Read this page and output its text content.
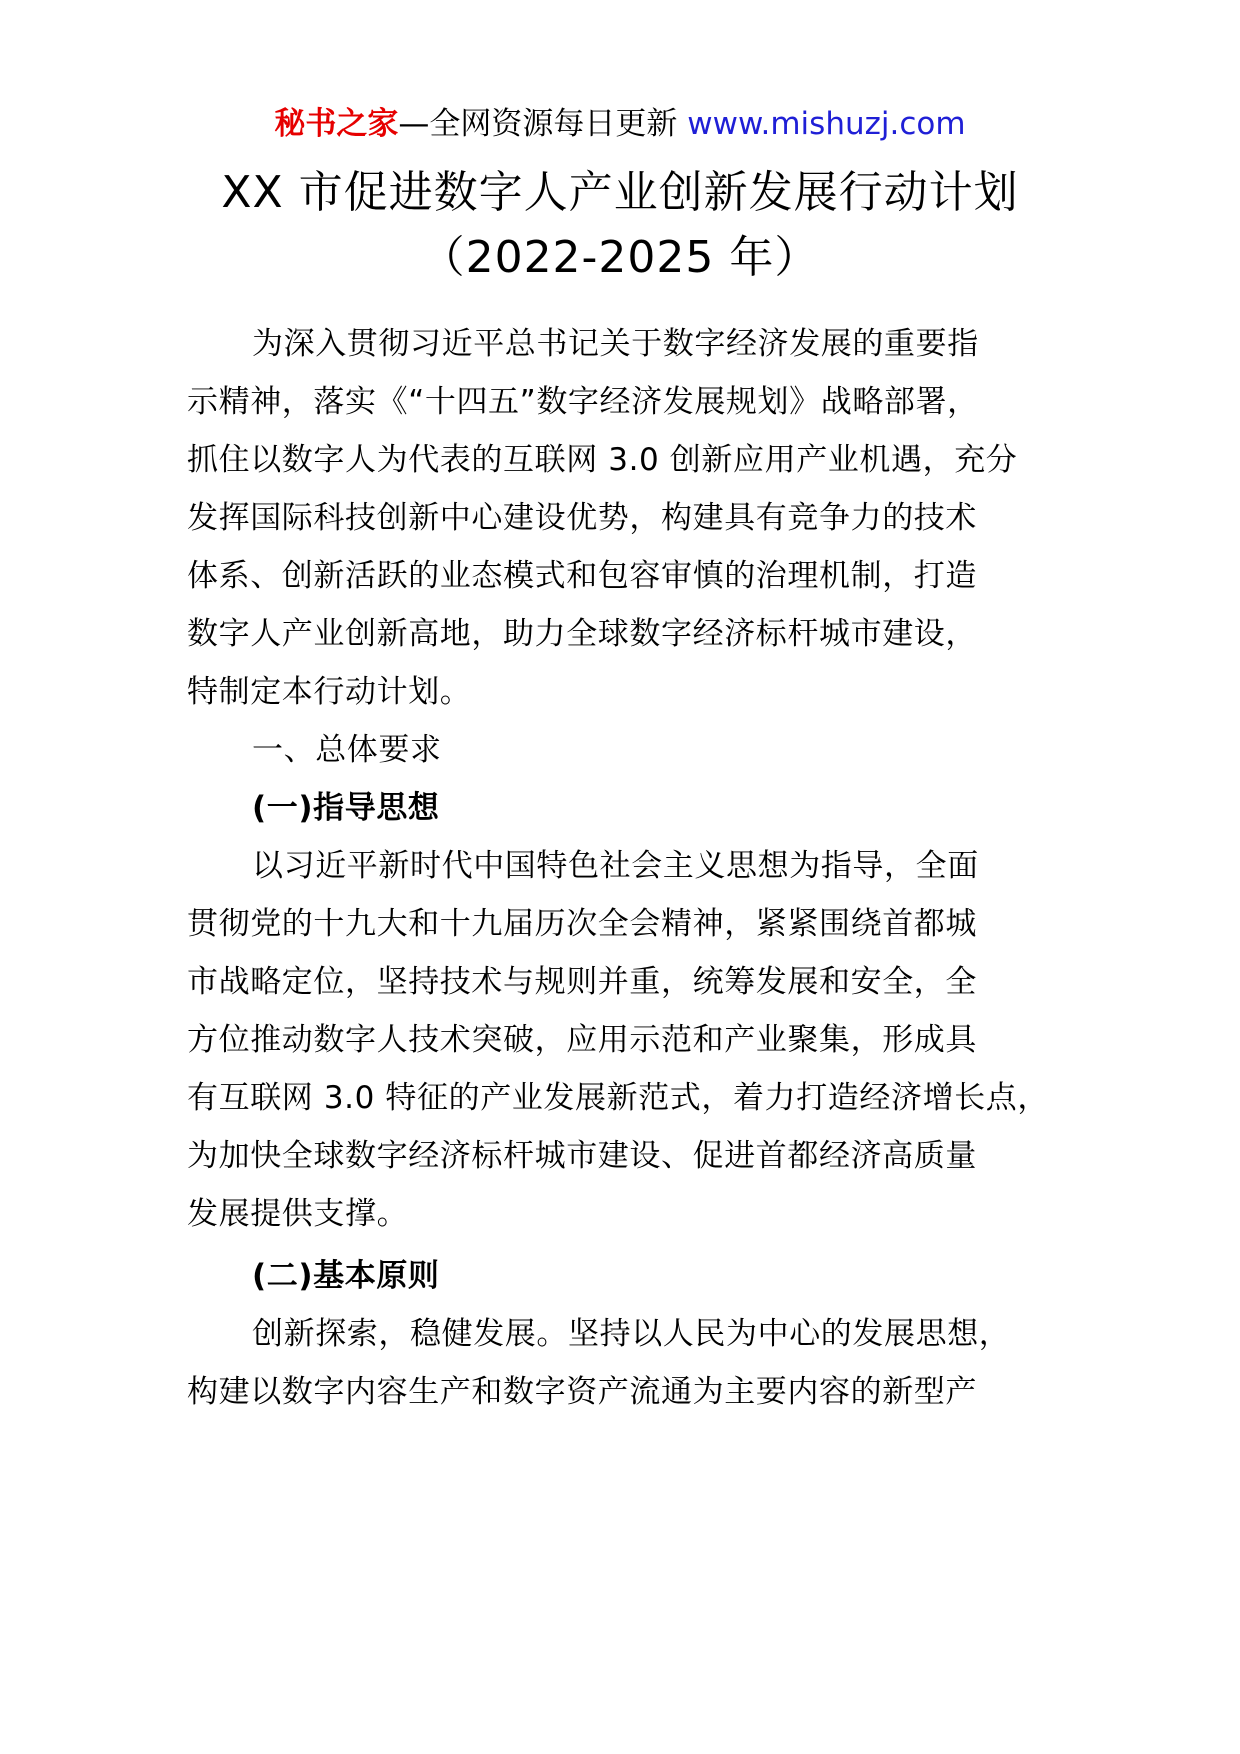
秘书之家—全网资源每日更新 www.mishuzj.com
XX 市促进数字人产业创新发展行动计划
（2022-2025 年）
为深入贯彻习近平总书记关于数字经济发展的重要指
示精神，落实《“十四五”数字经济发展规划》战略部署，
抓住以数字人为代表的互联网 3.0 创新应用产业机遇，充分
发挥国际科技创新中心建设优势，构建具有竞争力的技术
体系、创新活跃的业态模式和包容审慎的治理机制，打造
数字人产业创新高地，助力全球数字经济标杆城市建设，
特制定本行动计划。
一、总体要求
(一)指导思想
以习近平新时代中国特色社会主义思想为指导，全面
贯彻党的十九大和十九届历次全会精神，紧紧围绕首都城
市战略定位，坚持技术与规则并重，统筹发展和安全，全
方位推动数字人技术突破，应用示范和产业聚集，形成具
有互联网 3.0 特征的产业发展新范式，着力打造经济增长点，
为加快全球数字经济标杆城市建设、促进首都经济高质量
发展提供支撑。
(二)基本原则
创新探索，稳健发展。坚持以人民为中心的发展思想，
构建以数字内容生产和数字资产流通为主要内容的新型产
